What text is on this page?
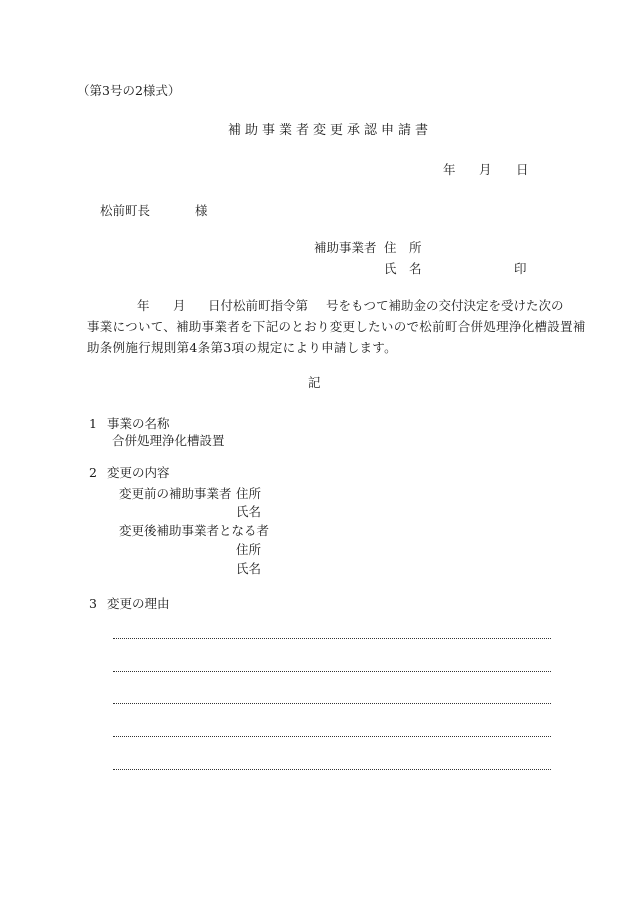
（第3号の2様式）
補助事業者変更承認申請書
年 月 日
松前町長	様
補助事業者 住　所
氏　名	印
年 月 日付松前町指令第 号をもつて補助金の交付決定を受けた次の
事業について、補助事業者を下記のとおり変更したいので松前町合併処理浄化槽設置補
助条例施行規則第4条第3項の規定により申請します。
記
1 事業の名称
合併処理浄化槽設置
2 変更の内容
変更前の補助事業者 住所
氏名
変更後補助事業者となる者
住所
氏名
3 変更の理由
